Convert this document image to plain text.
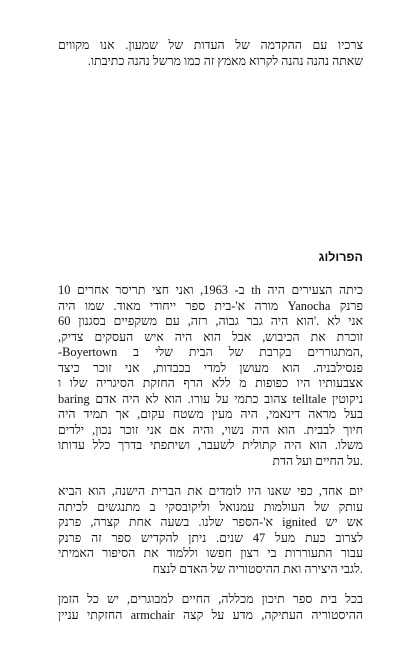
צרכיו עם ההקדמה של העדות של שמעון. אנו מקווים
שאתה נהנה נהנה לקרוא מאמץ זה כמו מרשל נהנה כתיבתו.

הפרולוג

כיתה הצעירים היה th ב- 1963, ואני חצי תריסר אחרים 10
פרנק Yanocha מורה א'-בית ספר ייחודי מאוד. שמו היה
אני לא .'הוא היה גבר גבוה, רזה, עם משקפיים בסגנון 60
זוכרת את הכיבוש, אבל הוא היה איש העסקים צדיק,
-Boyertown המתגוררים בקרבת של הבית שלי ב,
פנסילבניה. הוא מעושן למדי בכבדות, אני זוכר כיצד
אצבעותיו היו כפופות מ ללא הרף החזקת הסיגריה שלו ו
baring צהוב כתמי על עורו. הוא לא היה אדם telltale ניקוטין
בעל מראה דינאמי, היה מעין משטח עקום, אך תמיד היה
חיוך לבבית. הוא היה נשוי, והיה אם אני זוכר נכון, ילדים
משלו. הוא היה קתולית לשעבר, ושיתפתי בדרך כלל עדותו
.על החיים ועל הדת

יום אחד, כפי שאנו היו לומדים את הברית הישנה, הוא הביא
עותק של העולמות עמנואל וליקובסקי ב מתנגשים לכיתה
אש יש ignited א'-הספר שלנו. בשעה אחת קצרה, פרנק
לצרוב כעת מעל 47 שנים. ניתן להקדיש ספר זה פרנק
עבור התעוררות בי רצון חפשו וללמוד את הסיפור האמיתי
.לגבי היצירה ואת ההיסטוריה של האדם לנצח

בכל בית ספר תיכון מכללה, החיים למבוגרים, יש כל הזמן
ההיסטוריה העתיקה, מדע על קצה armchair החזקתי עניין
